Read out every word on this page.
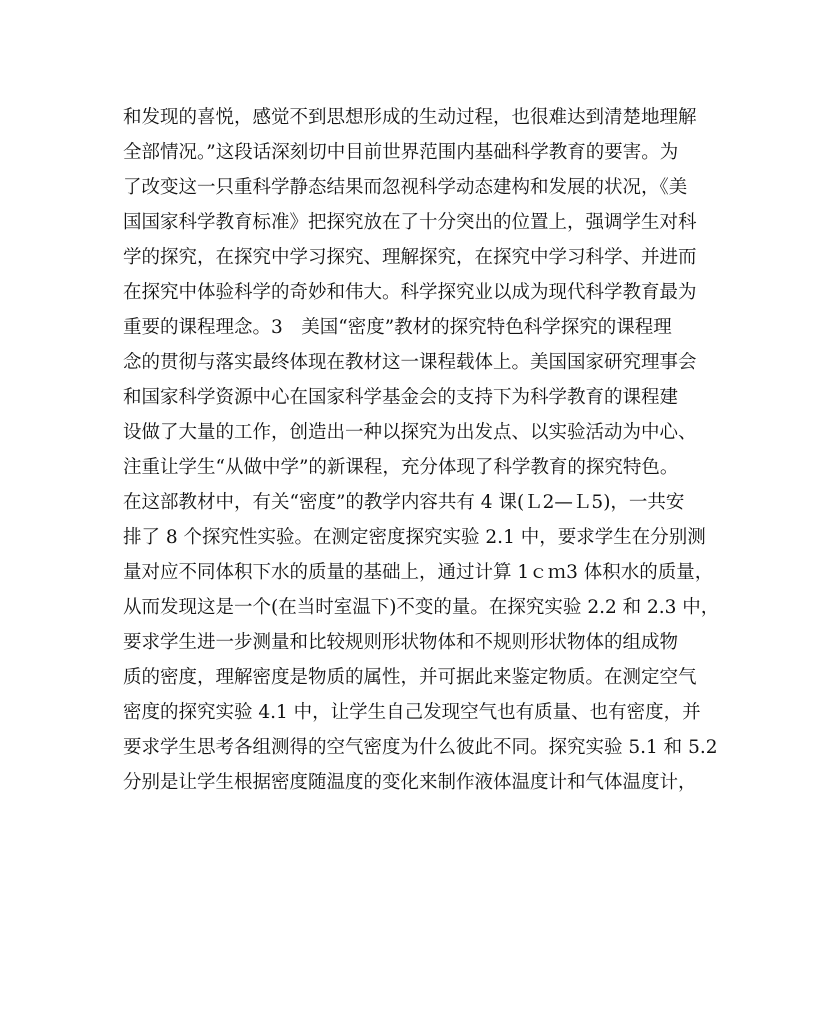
和发现的喜悦，感觉不到思想形成的生动过程，也很难达到清楚地理解
全部情况。”这段话深刻切中目前世界范围内基础科学教育的要害。为
了改变这一只重科学静态结果而忽视科学动态建构和发展的状况，《美
国国家科学教育标准》把探究放在了十分突出的位置上，强调学生对科
学的探究，在探究中学习探究、理解探究，在探究中学习科学、并进而
在探究中体验科学的奇妙和伟大。科学探究业以成为现代科学教育最为
重要的课程理念。3　美国“密度”教材的探究特色科学探究的课程理
念的贯彻与落实最终体现在教材这一课程载体上。美国国家研究理事会
和国家科学资源中心在国家科学基金会的支持下为科学教育的课程建
设做了大量的工作，创造出一种以探究为出发点、以实验活动为中心、
注重让学生“从做中学”的新课程，充分体现了科学教育的探究特色。
在这部教材中，有关“密度”的教学内容共有 4 课(Ｌ2—Ｌ5)，一共安
排了 8 个探究性实验。在测定密度探究实验 2.1 中，要求学生在分别测
量对应不同体积下水的质量的基础上，通过计算 1ｃｍ3 体积水的质量，
从而发现这是一个(在当时室温下)不变的量。在探究实验 2.2 和 2.3 中，
要求学生进一步测量和比较规则形状物体和不规则形状物体的组成物
质的密度，理解密度是物质的属性，并可据此来鉴定物质。在测定空气
密度的探究实验 4.1 中，让学生自己发现空气也有质量、也有密度，并
要求学生思考各组测得的空气密度为什么彼此不同。探究实验 5.1 和 5.2
分别是让学生根据密度随温度的变化来制作液体温度计和气体温度计，
